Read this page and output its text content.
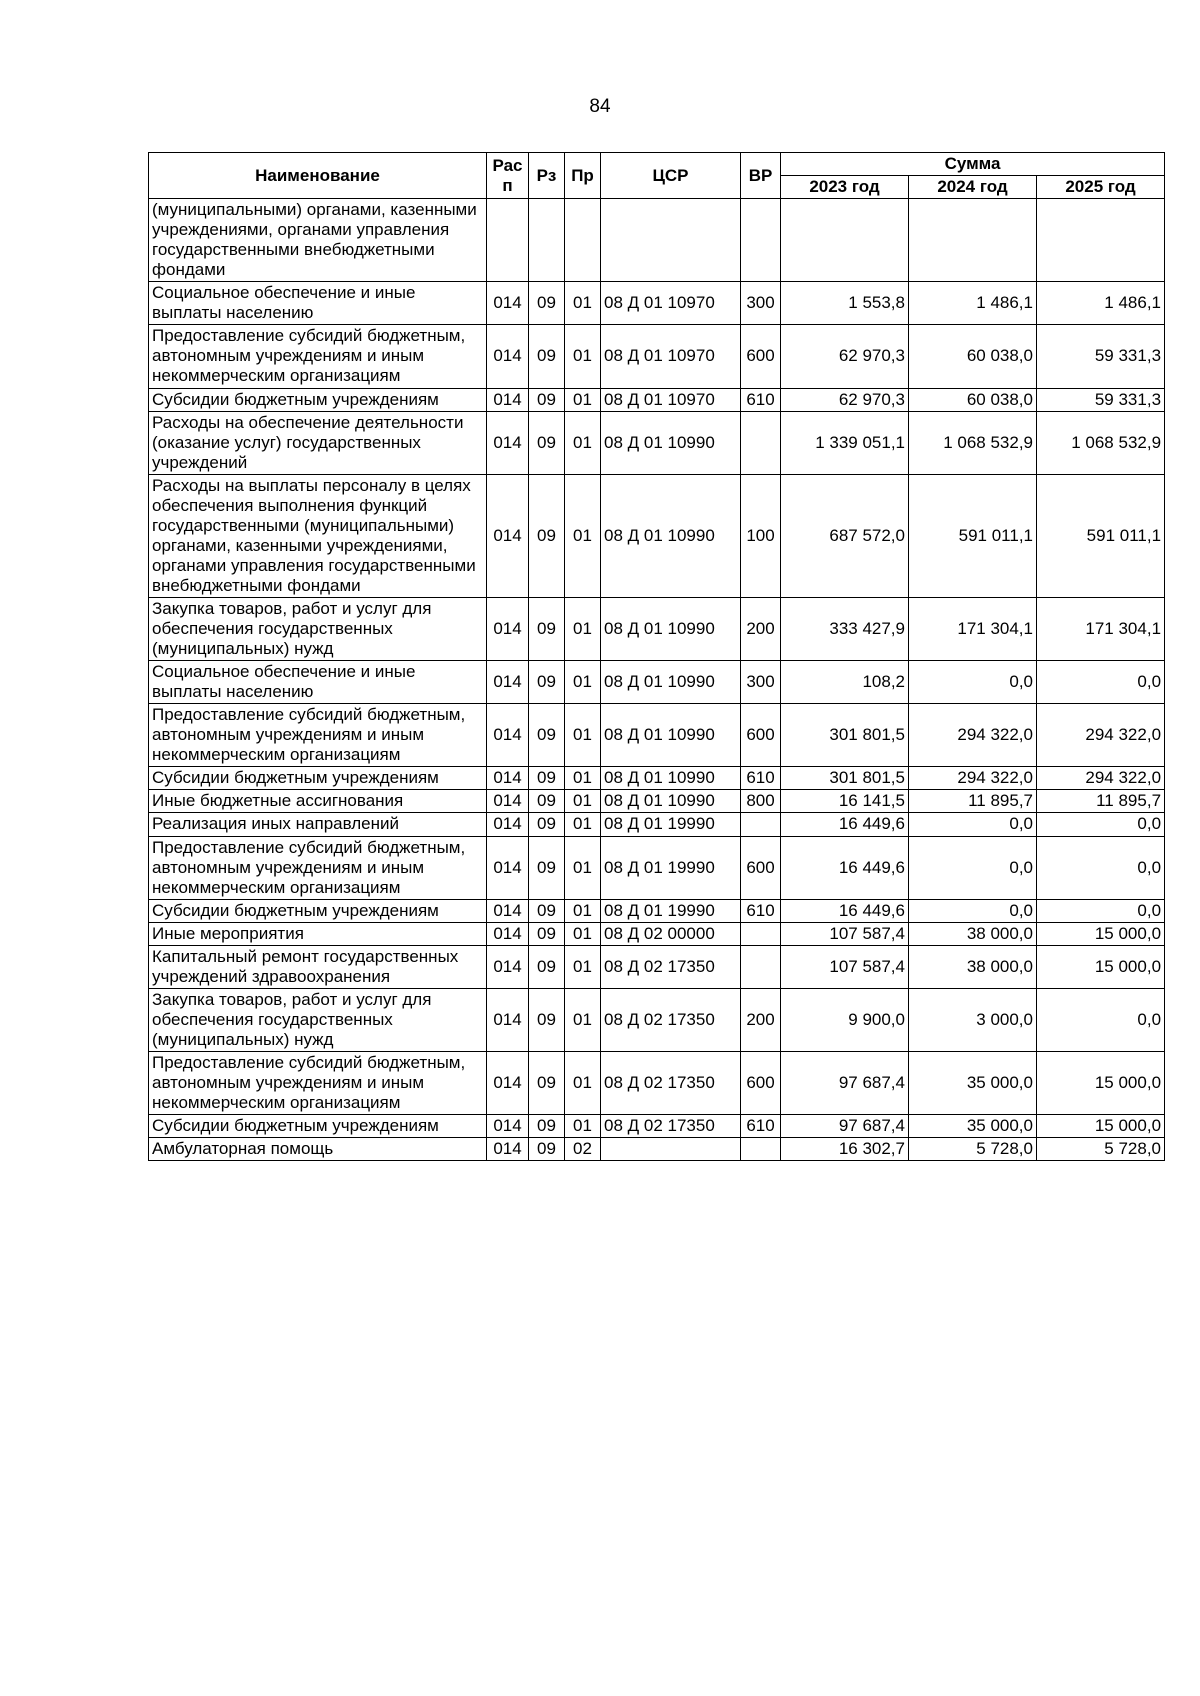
84
Наименование	Рас п	Рз	Пр	ЦСР	ВР	Сумма		
						2023 год	2024 год	2025 год
(муниципальными) органами, казенными учреждениями, органами управления государственными внебюджетными фондами								
Социальное обеспечение и иные выплаты населению	014	09	01	08 Д 01 10970	300	1 553,8	1 486,1	1 486,1
Предоставление субсидий бюджетным, автономным учреждениям и иным некоммерческим организациям	014	09	01	08 Д 01 10970	600	62 970,3	60 038,0	59 331,3
Субсидии бюджетным учреждениям	014	09	01	08 Д 01 10970	610	62 970,3	60 038,0	59 331,3
Расходы на обеспечение деятельности (оказание услуг) государственных учреждений	014	09	01	08 Д 01 10990		1 339 051,1	1 068 532,9	1 068 532,9
Расходы на выплаты персоналу в целях обеспечения выполнения функций государственными (муниципальными) органами, казенными учреждениями, органами управления государственными внебюджетными фондами	014	09	01	08 Д 01 10990	100	687 572,0	591 011,1	591 011,1
Закупка товаров, работ и услуг для обеспечения государственных (муниципальных) нужд	014	09	01	08 Д 01 10990	200	333 427,9	171 304,1	171 304,1
Социальное обеспечение и иные выплаты населению	014	09	01	08 Д 01 10990	300	108,2	0,0	0,0
Предоставление субсидий бюджетным, автономным учреждениям и иным некоммерческим организациям	014	09	01	08 Д 01 10990	600	301 801,5	294 322,0	294 322,0
Субсидии бюджетным учреждениям	014	09	01	08 Д 01 10990	610	301 801,5	294 322,0	294 322,0
Иные бюджетные ассигнования	014	09	01	08 Д 01 10990	800	16 141,5	11 895,7	11 895,7
Реализация иных направлений	014	09	01	08 Д 01 19990		16 449,6	0,0	0,0
Предоставление субсидий бюджетным, автономным учреждениям и иным некоммерческим организациям	014	09	01	08 Д 01 19990	600	16 449,6	0,0	0,0
Субсидии бюджетным учреждениям	014	09	01	08 Д 01 19990	610	16 449,6	0,0	0,0
Иные мероприятия	014	09	01	08 Д 02 00000		107 587,4	38 000,0	15 000,0
Капитальный ремонт государственных учреждений здравоохранения	014	09	01	08 Д 02 17350		107 587,4	38 000,0	15 000,0
Закупка товаров, работ и услуг для обеспечения государственных (муниципальных) нужд	014	09	01	08 Д 02 17350	200	9 900,0	3 000,0	0,0
Предоставление субсидий бюджетным, автономным учреждениям и иным некоммерческим организациям	014	09	01	08 Д 02 17350	600	97 687,4	35 000,0	15 000,0
Субсидии бюджетным учреждениям	014	09	01	08 Д 02 17350	610	97 687,4	35 000,0	15 000,0
Амбулаторная помощь	014	09	02			16 302,7	5 728,0	5 728,0
